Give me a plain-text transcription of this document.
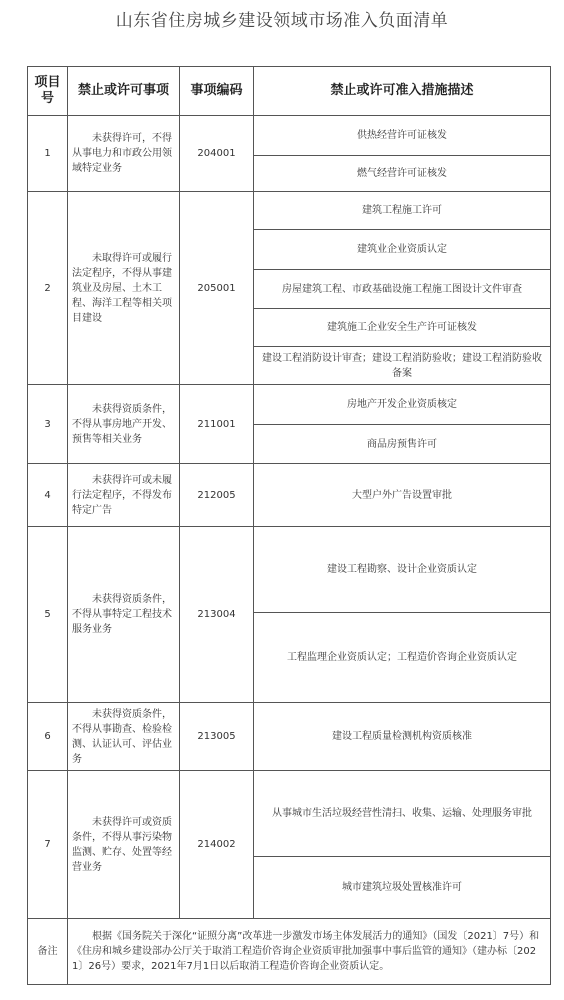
山东省住房城乡建设领域市场准入负面清单
项目号	禁止或许可事项	事项编码	禁止或许可准入措施描述
1	未获得许可，不得从事电力和市政公用领域特定业务	204001	供热经营许可证核发
			燃气经营许可证核发
2	未取得许可或履行法定程序，不得从事建筑业及房屋、土木工程、海洋工程等相关项目建设	205001	建筑工程施工许可
			建筑业企业资质认定
			房屋建筑工程、市政基础设施工程施工图设计文件审查
			建筑施工企业安全生产许可证核发
			建设工程消防设计审查；建设工程消防验收；建设工程消防验收备案
3	未获得资质条件，不得从事房地产开发、预售等相关业务	211001	房地产开发企业资质核定
			商品房预售许可
4	未获得许可或未履行法定程序，不得发布特定广告	212005	大型户外广告设置审批
5	未获得资质条件，不得从事特定工程技术服务业务	213004	建设工程勘察、设计企业资质认定
			工程监理企业资质认定；工程造价咨询企业资质认定
6	未获得资质条件，不得从事勘查、检验检测、认证认可、评估业务	213005	建设工程质量检测机构资质核准
7	未获得许可或资质条件，不得从事污染物监测、贮存、处置等经营业务	214002	从事城市生活垃圾经营性清扫、收集、运输、处理服务审批
			城市建筑垃圾处置核准许可
备注	根据《国务院关于深化“证照分离”改革进一步激发市场主体发展活力的通知》（国发〔2021〕7号）和《住房和城乡建设部办公厅关于取消工程造价咨询企业资质审批加强事中事后监管的通知》（建办标〔2021〕26号）要求，2021年7月1日以后取消工程造价咨询企业资质认定。		
